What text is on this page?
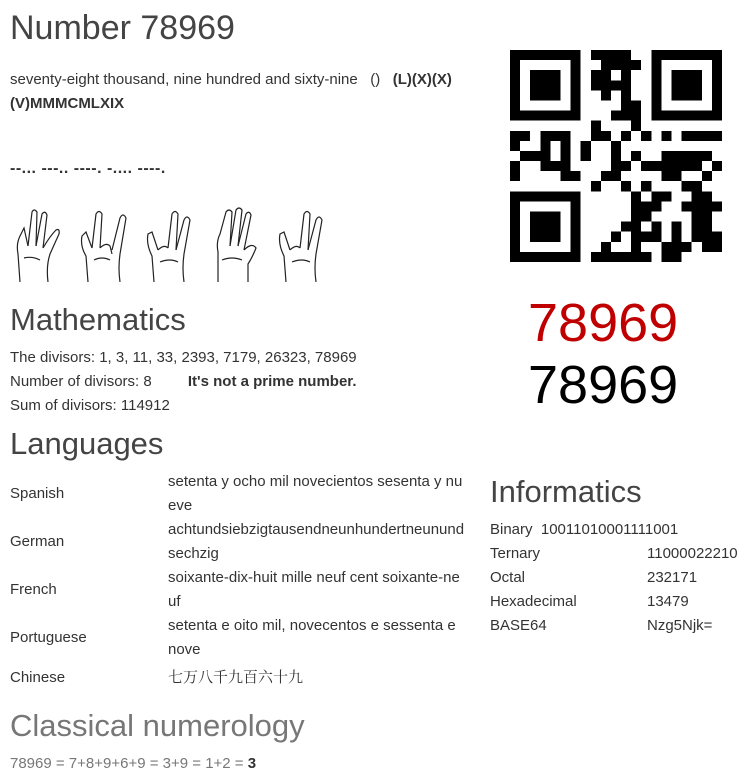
Number 78969
seventy-eight thousand, nine hundred and sixty-nine () (L)(X)(X)(V)MMMCMLXIX
--... ---.. ----. -.... ----.
78969
78969
Mathematics
The divisors: 1, 3, 11, 33, 2393, 7179, 26323, 78969
Number of divisors: 8 It's not a prime number.
Sum of divisors: 114912
Languages
Spanish	setenta y ocho mil novecientos sesenta y nueve
German	achtundsiebzigtausendneunhundertneunundsechzig
French	soixante-dix-huit mille neuf cent soixante-neuf
Portuguese	setenta e oito mil, novecentos e sessenta e nove
Chinese	七万八千九百六十九
Informatics
Binary 10011010001111001	
Ternary	11000022210
Octal	232171
Hexadecimal	13479
BASE64	Nzg5Njk=
Classical numerology
78969 = 7+8+9+6+9 = 3+9 = 1+2 = 3
